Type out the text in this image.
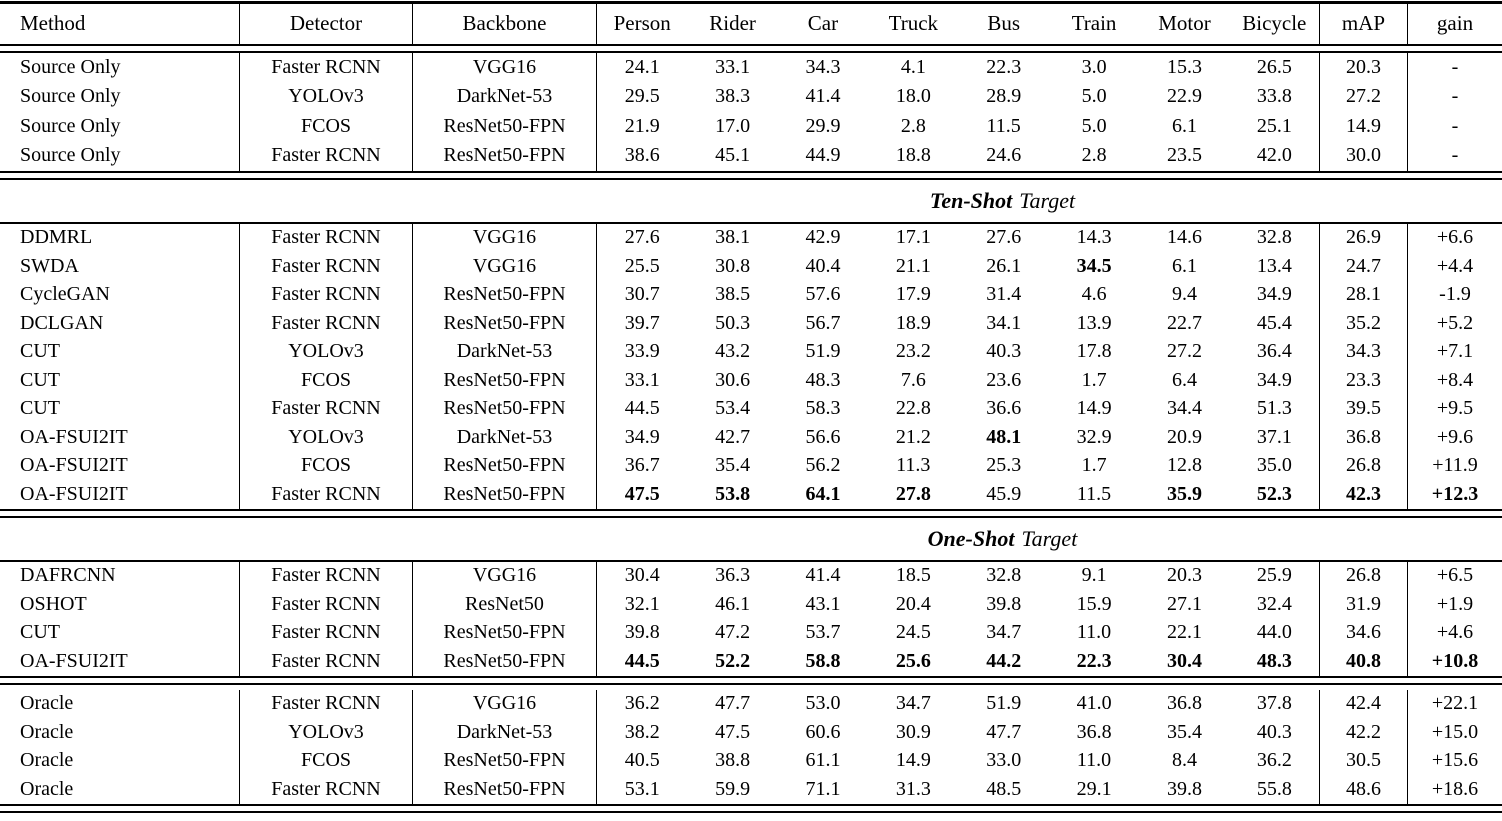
Method	Detector	Backbone	Person	Rider	Car	Truck	Bus	Train	Motor	Bicycle	mAP	gain
Source Only	Faster RCNN	VGG16	24.1	33.1	34.3	4.1	22.3	3.0	15.3	26.5	20.3	-
Source Only	YOLOv3	DarkNet-53	29.5	38.3	41.4	18.0	28.9	5.0	22.9	33.8	27.2	-
Source Only	FCOS	ResNet50-FPN	21.9	17.0	29.9	2.8	11.5	5.0	6.1	25.1	14.9	-
Source Only	Faster RCNN	ResNet50-FPN	38.6	45.1	44.9	18.8	24.6	2.8	23.5	42.0	30.0	-
Ten-Shot Target
DDMRL	Faster RCNN	VGG16	27.6	38.1	42.9	17.1	27.6	14.3	14.6	32.8	26.9	+6.6
SWDA	Faster RCNN	VGG16	25.5	30.8	40.4	21.1	26.1	34.5	6.1	13.4	24.7	+4.4
CycleGAN	Faster RCNN	ResNet50-FPN	30.7	38.5	57.6	17.9	31.4	4.6	9.4	34.9	28.1	-1.9
DCLGAN	Faster RCNN	ResNet50-FPN	39.7	50.3	56.7	18.9	34.1	13.9	22.7	45.4	35.2	+5.2
CUT	YOLOv3	DarkNet-53	33.9	43.2	51.9	23.2	40.3	17.8	27.2	36.4	34.3	+7.1
CUT	FCOS	ResNet50-FPN	33.1	30.6	48.3	7.6	23.6	1.7	6.4	34.9	23.3	+8.4
CUT	Faster RCNN	ResNet50-FPN	44.5	53.4	58.3	22.8	36.6	14.9	34.4	51.3	39.5	+9.5
OA-FSUI2IT	YOLOv3	DarkNet-53	34.9	42.7	56.6	21.2	48.1	32.9	20.9	37.1	36.8	+9.6
OA-FSUI2IT	FCOS	ResNet50-FPN	36.7	35.4	56.2	11.3	25.3	1.7	12.8	35.0	26.8	+11.9
OA-FSUI2IT	Faster RCNN	ResNet50-FPN	47.5	53.8	64.1	27.8	45.9	11.5	35.9	52.3	42.3	+12.3
One-Shot Target
DAFRCNN	Faster RCNN	VGG16	30.4	36.3	41.4	18.5	32.8	9.1	20.3	25.9	26.8	+6.5
OSHOT	Faster RCNN	ResNet50	32.1	46.1	43.1	20.4	39.8	15.9	27.1	32.4	31.9	+1.9
CUT	Faster RCNN	ResNet50-FPN	39.8	47.2	53.7	24.5	34.7	11.0	22.1	44.0	34.6	+4.6
OA-FSUI2IT	Faster RCNN	ResNet50-FPN	44.5	52.2	58.8	25.6	44.2	22.3	30.4	48.3	40.8	+10.8
Oracle	Faster RCNN	VGG16	36.2	47.7	53.0	34.7	51.9	41.0	36.8	37.8	42.4	+22.1
Oracle	YOLOv3	DarkNet-53	38.2	47.5	60.6	30.9	47.7	36.8	35.4	40.3	42.2	+15.0
Oracle	FCOS	ResNet50-FPN	40.5	38.8	61.1	14.9	33.0	11.0	8.4	36.2	30.5	+15.6
Oracle	Faster RCNN	ResNet50-FPN	53.1	59.9	71.1	31.3	48.5	29.1	39.8	55.8	48.6	+18.6
